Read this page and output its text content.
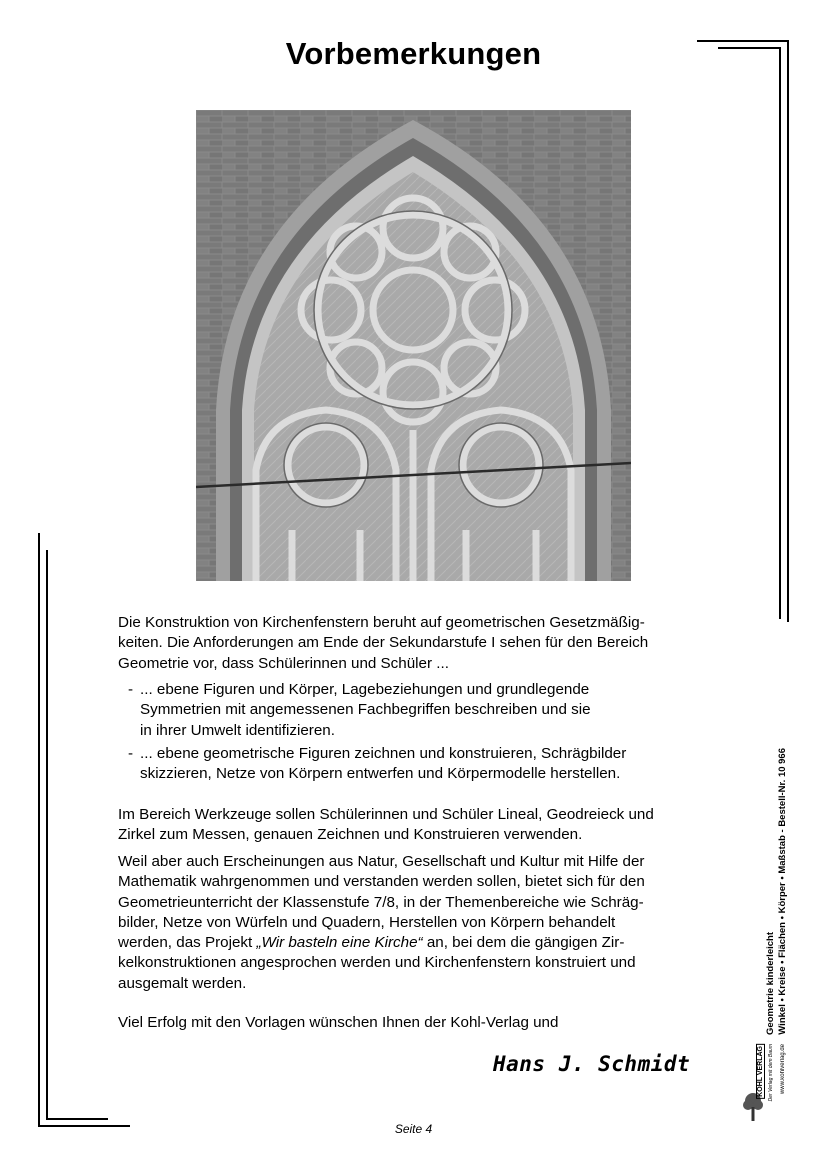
Vorbemerkungen

Die Konstruktion von Kirchenfenstern beruht auf geometrischen Gesetzmäßig-

keiten. Die Anforderungen am Ende der Sekundarstufe I sehen für den Bereich

Geometrie vor, dass Schülerinnen und Schüler ...

- ... ebene Figuren und Körper, Lagebeziehungen und grundlegende

Symmetrien mit angemessenen Fachbegriffen beschreiben und sie

in ihrer Umwelt identifizieren.

- ... ebene geometrische Figuren zeichnen und konstruieren, Schrägbilder

skizzieren, Netze von Körpern entwerfen und Körpermodelle herstellen.

Im Bereich Werkzeuge sollen Schülerinnen und Schüler Lineal, Geodreieck und

Zirkel zum Messen, genauen Zeichnen und Konstruieren verwenden.

Weil aber auch Erscheinungen aus Natur, Gesellschaft und Kultur mit Hilfe der

Mathematik wahrgenommen und verstanden werden sollen, bietet sich für den

Geometrieunterricht der Klassenstufe 7/8, in der Themenbereiche wie Schräg-

bilder, Netze von Würfeln und Quadern, Herstellen von Körpern behandelt

werden, das Projekt „Wir basteln eine Kirche“ an, bei dem die gängigen Zir-

kelkonstruktionen angesprochen werden und Kirchenfenstern konstruiert und

ausgemalt werden.

Viel Erfolg mit den Vorlagen wünschen Ihnen der Kohl-Verlag und

Hans J. Schmidt
Seite 4
Geometrie kinderleicht Winkel • Kreise • Flächen • Körper • Maßstab - Bestell-Nr. 10 966
KOHL VERLAG Der Verlag mit dem Baum www.kohlverlag.de
